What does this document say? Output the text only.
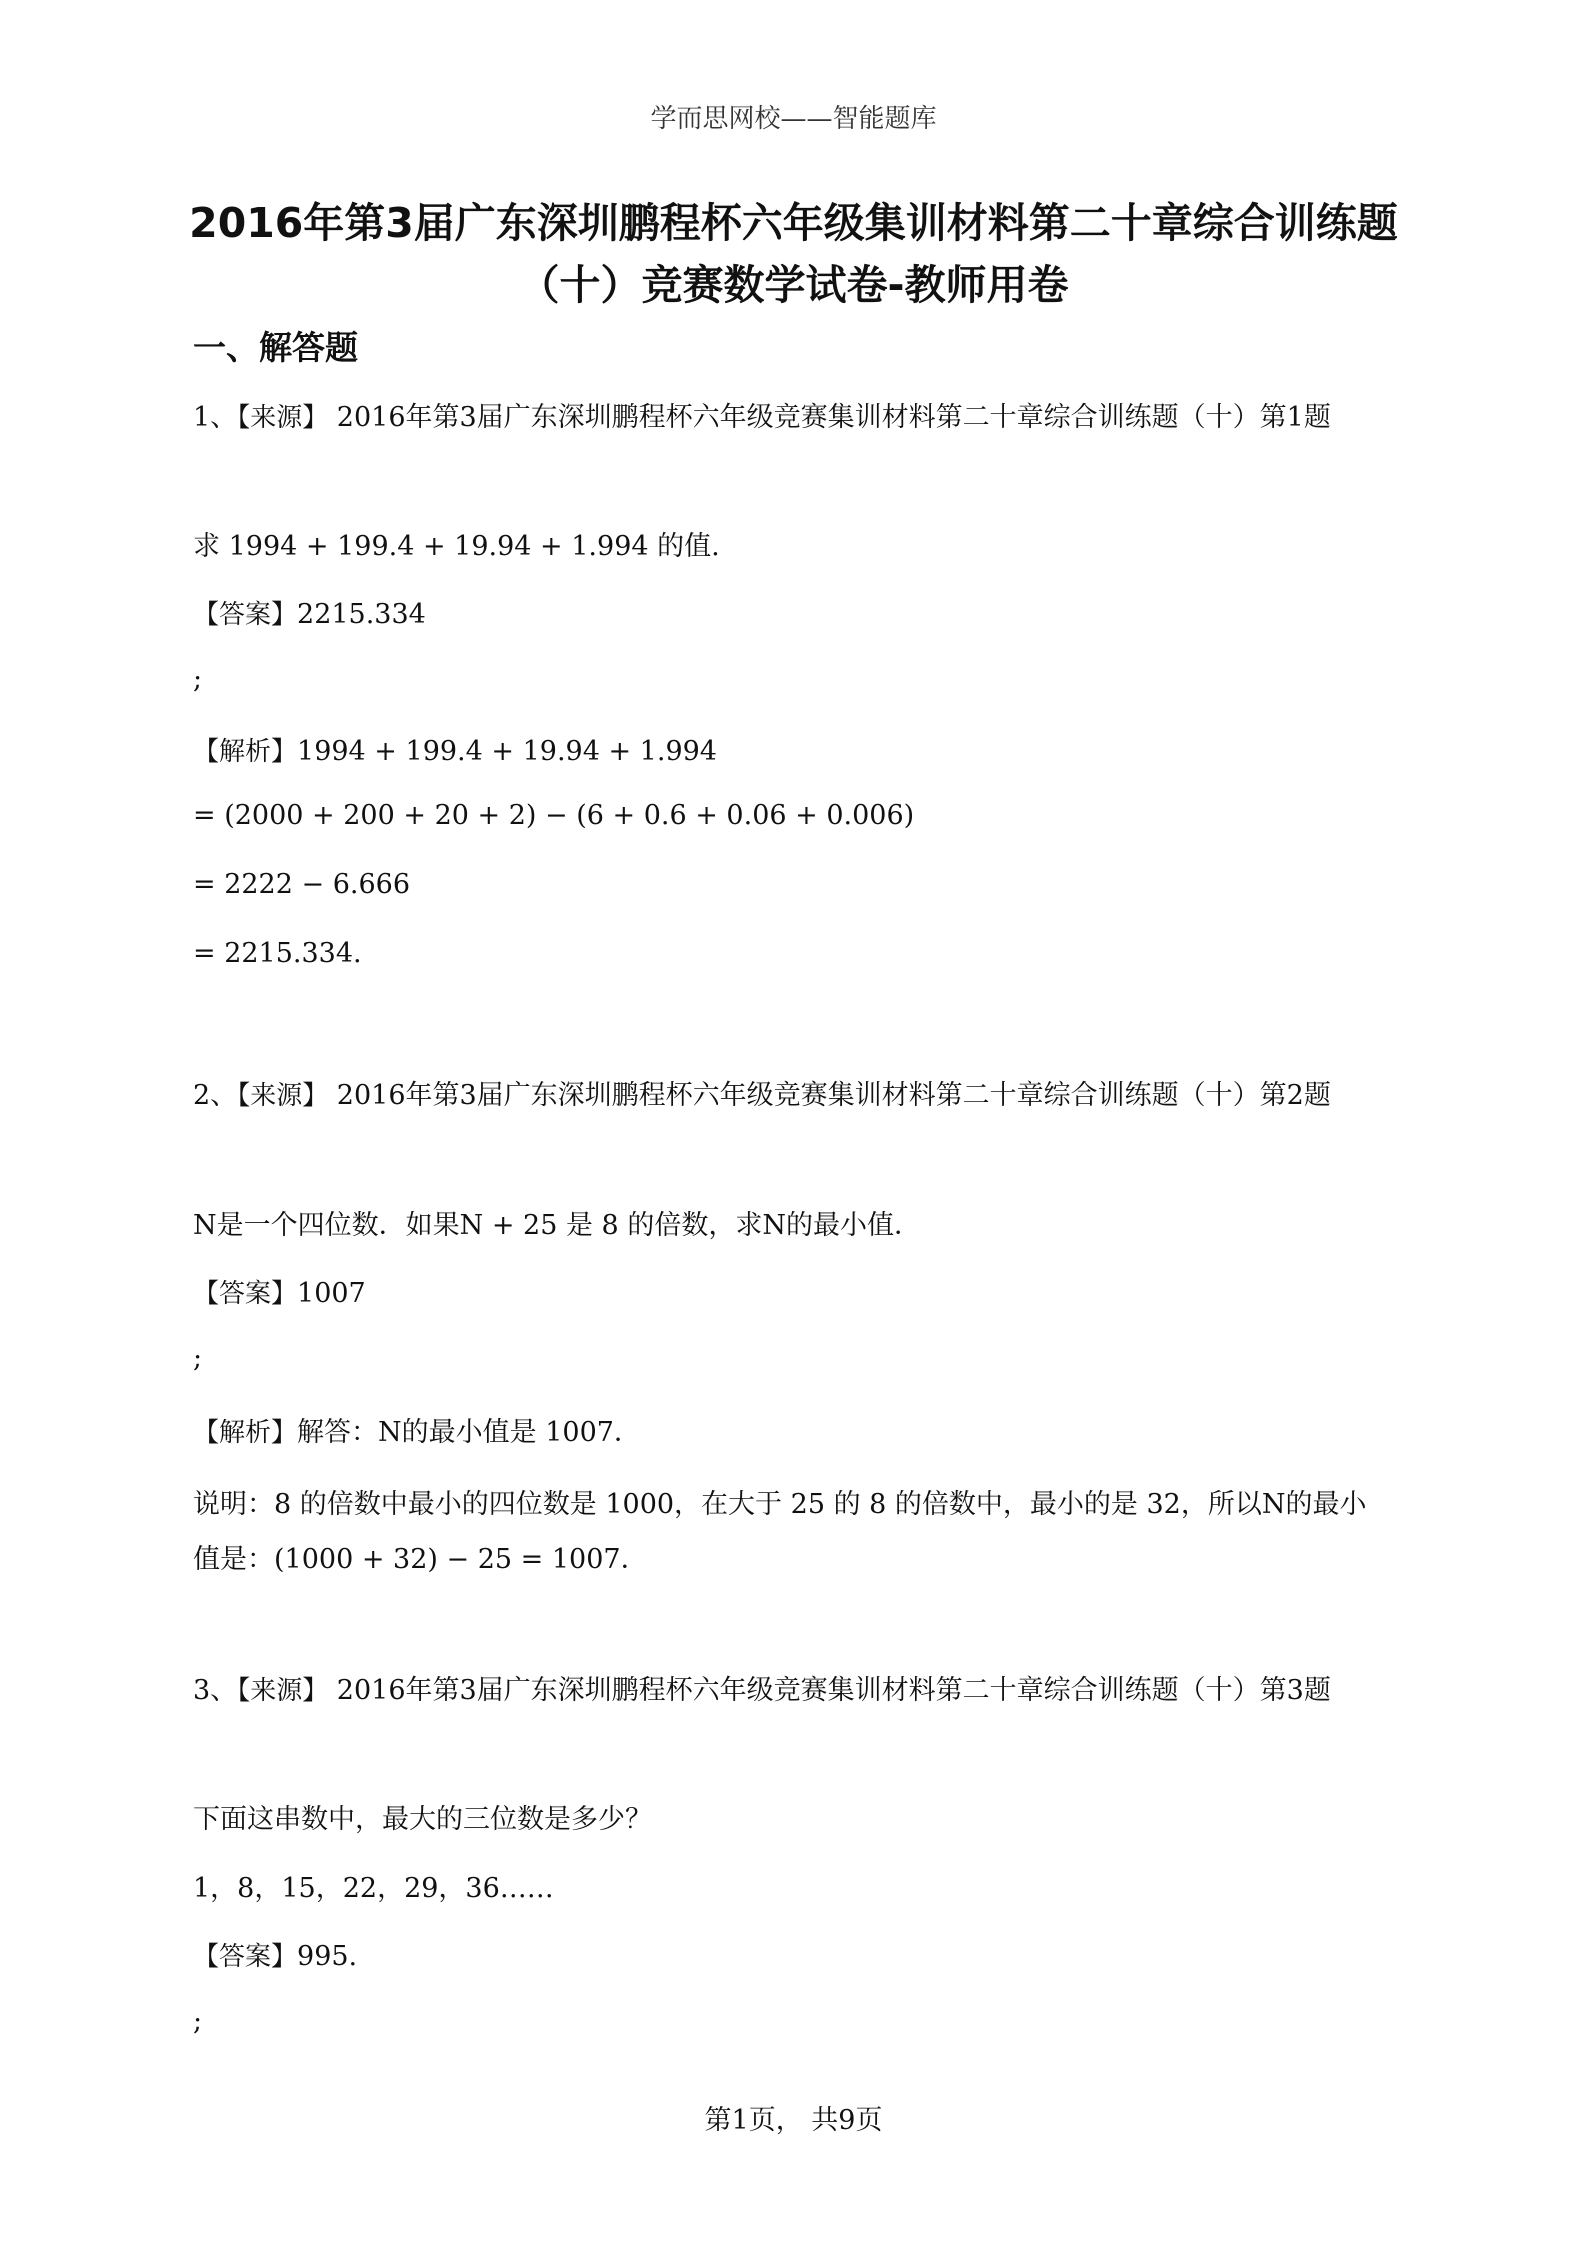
学而思网校——智能题库
2016年第3届广东深圳鹏程杯六年级集训材料第二十章综合训练题
（十）竞赛数学试卷-教师用卷
一、解答题
1、【来源】 2016年第3届广东深圳鹏程杯六年级竞赛集训材料第二十章综合训练题（十）第1题
求 1994 + 199.4 + 19.94 + 1.994 的值.
【答案】2215.334
;
【解析】1994 + 199.4 + 19.94 + 1.994
= (2000 + 200 + 20 + 2) − (6 + 0.6 + 0.06 + 0.006)
= 2222 − 6.666
= 2215.334.
2、【来源】 2016年第3届广东深圳鹏程杯六年级竞赛集训材料第二十章综合训练题（十）第2题
N是一个四位数．如果N + 25 是 8 的倍数，求N的最小值．
【答案】1007
;
【解析】解答：N的最小值是 1007．
说明：8 的倍数中最小的四位数是 1000，在大于 25 的 8 的倍数中，最小的是 32，所以N的最小值是：(1000 + 32) − 25 = 1007．
3、【来源】 2016年第3届广东深圳鹏程杯六年级竞赛集训材料第二十章综合训练题（十）第3题
下面这串数中，最大的三位数是多少？
1，8，15，22，29，36……
【答案】995.
;
第1页， 共9页
